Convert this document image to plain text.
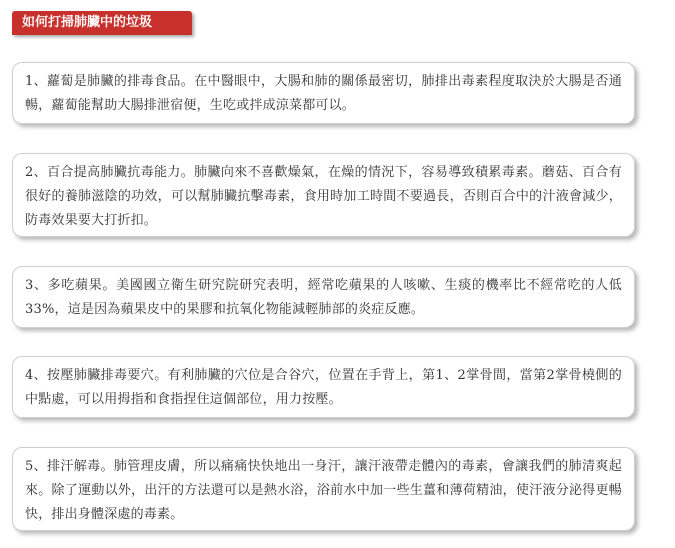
如何打掃肺臟中的垃圾

1、蘿蔔是肺臟的排毒食品。在中醫眼中，大腸和肺的關係最密切，肺排出毒素程度取決於大腸是否通暢，蘿蔔能幫助大腸排泄宿便，生吃或拌成涼菜都可以。

2、百合提高肺臟抗毒能力。肺臟向來不喜歡燥氣，在燥的情況下，容易導致積累毒素。蘑菇、百合有很好的養肺滋陰的功效，可以幫肺臟抗擊毒素，食用時加工時間不要過長，否則百合中的汁液會減少，防毒效果要大打折扣。

3、多吃蘋果。美國國立衛生研究院研究表明，經常吃蘋果的人咳嗽、生痰的機率比不經常吃的人低33%，這是因為蘋果皮中的果膠和抗氧化物能減輕肺部的炎症反應。

4、按壓肺臟排毒要穴。有利肺臟的穴位是合谷穴，位置在手背上，第1、2掌骨間，當第2掌骨橈側的中點處，可以用拇指和食指捏住這個部位，用力按壓。

5、排汗解毒。肺管理皮膚，所以痛痛快快地出一身汗，讓汗液帶走體內的毒素，會讓我們的肺清爽起來。除了運動以外，出汗的方法還可以是熱水浴，浴前水中加一些生薑和薄荷精油，使汗液分泌得更暢快，排出身體深處的毒素。
